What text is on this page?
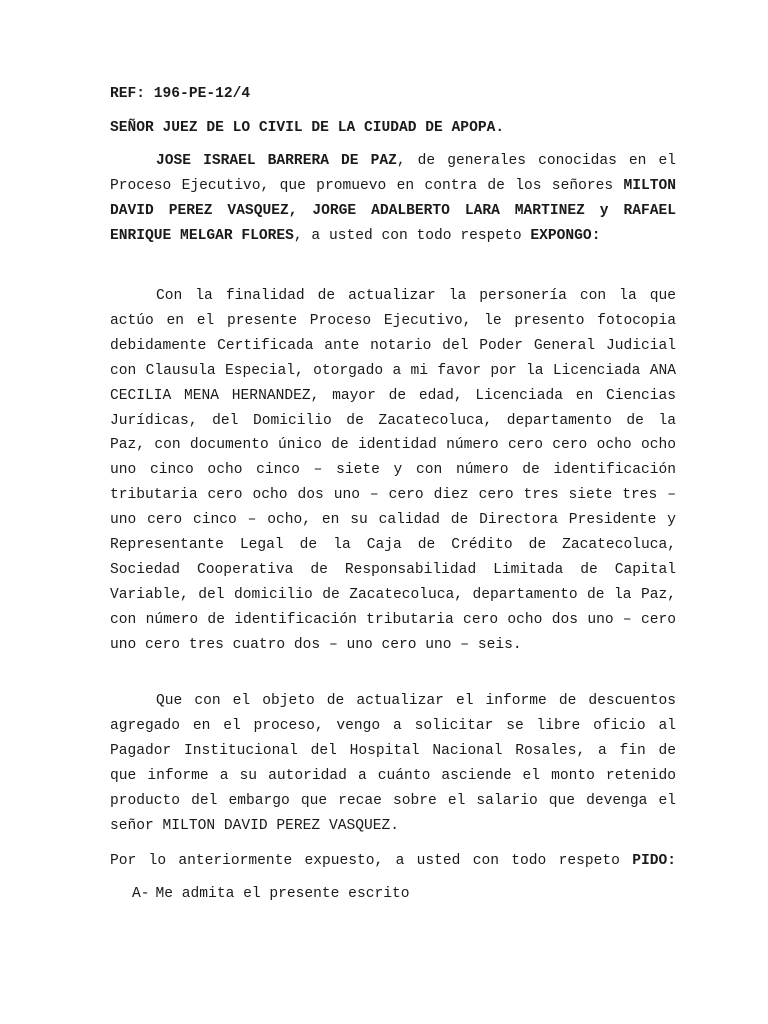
REF: 196-PE-12/4
SEÑOR JUEZ DE LO CIVIL DE LA CIUDAD DE APOPA.

JOSE ISRAEL BARRERA DE PAZ, de generales conocidas en el Proceso Ejecutivo, que promuevo en contra de los señores MILTON DAVID PEREZ VASQUEZ, JORGE ADALBERTO LARA MARTINEZ y RAFAEL ENRIQUE MELGAR FLORES, a usted con todo respeto EXPONGO:

Con la finalidad de actualizar la personería con la que actúo en el presente Proceso Ejecutivo, le presento fotocopia debidamente Certificada ante notario del Poder General Judicial con Clausula Especial, otorgado a mi favor por la Licenciada ANA CECILIA MENA HERNANDEZ, mayor de edad, Licenciada en Ciencias Jurídicas, del Domicilio de Zacatecoluca, departamento de la Paz, con documento único de identidad número cero cero ocho ocho uno cinco ocho cinco – siete y con número de identificación tributaria cero ocho dos uno – cero diez cero tres siete tres – uno cero cinco – ocho, en su calidad de Directora Presidente y Representante Legal de la Caja de Crédito de Zacatecoluca, Sociedad Cooperativa de Responsabilidad Limitada de Capital Variable, del domicilio de Zacatecoluca, departamento de la Paz, con número de identificación tributaria cero ocho dos uno – cero uno cero tres cuatro dos – uno cero uno – seis.

Que con el objeto de actualizar el informe de descuentos agregado en el proceso, vengo a solicitar se libre oficio al Pagador Institucional del Hospital Nacional Rosales, a fin de que informe a su autoridad a cuánto asciende el monto retenido producto del embargo que recae sobre el salario que devenga el señor MILTON DAVID PEREZ VASQUEZ.

Por lo anteriormente expuesto, a usted con todo respeto PIDO:
A- Me admita el presente escrito
